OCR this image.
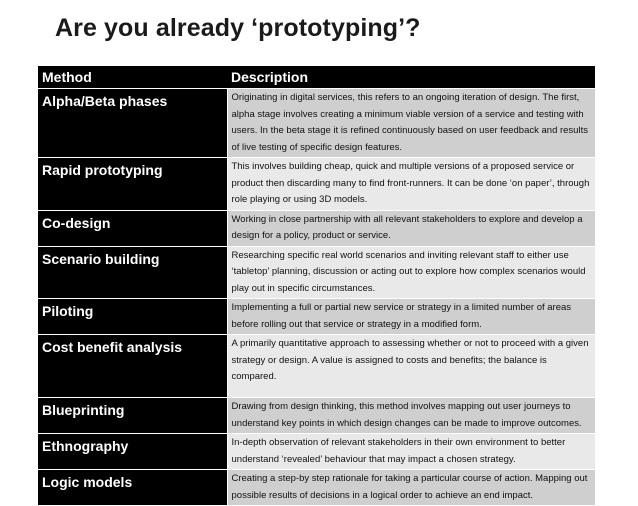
Are you already ‘prototyping’?
Method	Description
Alpha/Beta phases	Originating in digital services, this refers to an ongoing iteration of design. The first, alpha stage involves creating a minimum viable version of a service and testing with users. In the beta stage it is refined continuously based on user feedback and results of live testing of specific design features.
Rapid prototyping	This involves building cheap, quick and multiple versions of a proposed service or product then discarding many to find front-runners. It can be done ‘on paper’, through role playing or using 3D models.
Co-design	Working in close partnership with all relevant stakeholders to explore and develop a design for a policy, product or service.
Scenario building	Researching specific real world scenarios and inviting relevant staff to either use ‘tabletop’ planning, discussion or acting out to explore how complex scenarios would play out in specific circumstances.
Piloting	Implementing a full or partial new service or strategy in a limited number of areas before rolling out that service or strategy in a modified form.
Cost benefit analysis	A primarily quantitative approach to assessing whether or not to proceed with a given strategy or design. A value is assigned to costs and benefits; the balance is compared.
Blueprinting	Drawing from design thinking, this method involves mapping out user journeys to understand key points in which design changes can be made to improve outcomes.
Ethnography	In-depth observation of relevant stakeholders in their own environment to better understand ‘revealed’ behaviour that may impact a chosen strategy.
Logic models	Creating a step-by step rationale for taking a particular course of action. Mapping out possible results of decisions in a logical order to achieve an end impact.
